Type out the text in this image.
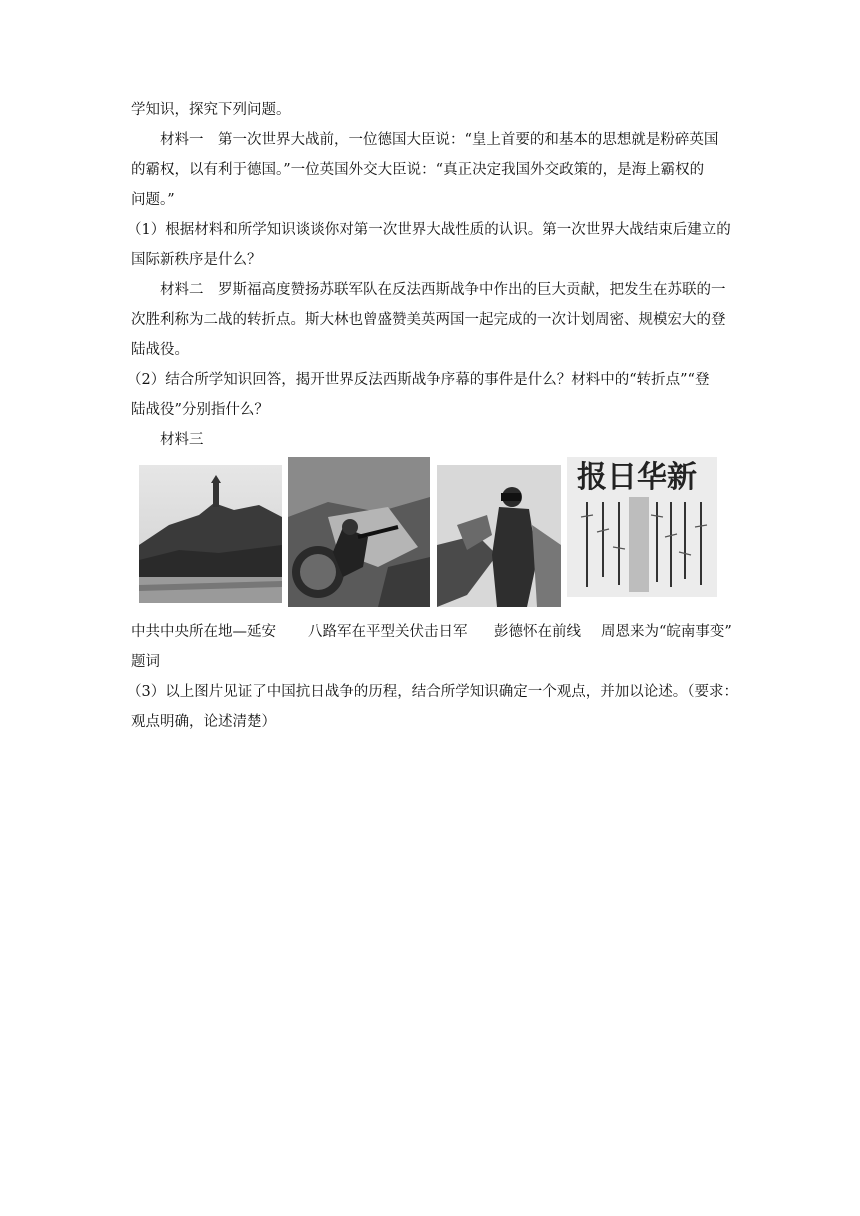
学知识，探究下列问题。

材料一　第一次世界大战前，一位德国大臣说：“皇上首要的和基本的思想就是粉碎英国

的霸权，以有利于德国。”一位英国外交大臣说：“真正决定我国外交政策的，是海上霸权的

问题。”

（1）根据材料和所学知识谈谈你对第一次世界大战性质的认识。第一次世界大战结束后建立的

国际新秩序是什么？

材料二　罗斯福高度赞扬苏联军队在反法西斯战争中作出的巨大贡献，把发生在苏联的一

次胜利称为二战的转折点。斯大林也曾盛赞美英两国一起完成的一次计划周密、规模宏大的登

陆战役。

（2）结合所学知识回答，揭开世界反法西斯战争序幕的事件是什么？材料中的“转折点”“登

陆战役”分别指什么？

材料三

报日华新
中共中央所在地—延安 八路军在平型关伏击日军 彭德怀在前线 周恩来为“皖南事变”

题词

（3）以上图片见证了中国抗日战争的历程，结合所学知识确定一个观点，并加以论述。（要求：

观点明确，论述清楚）
